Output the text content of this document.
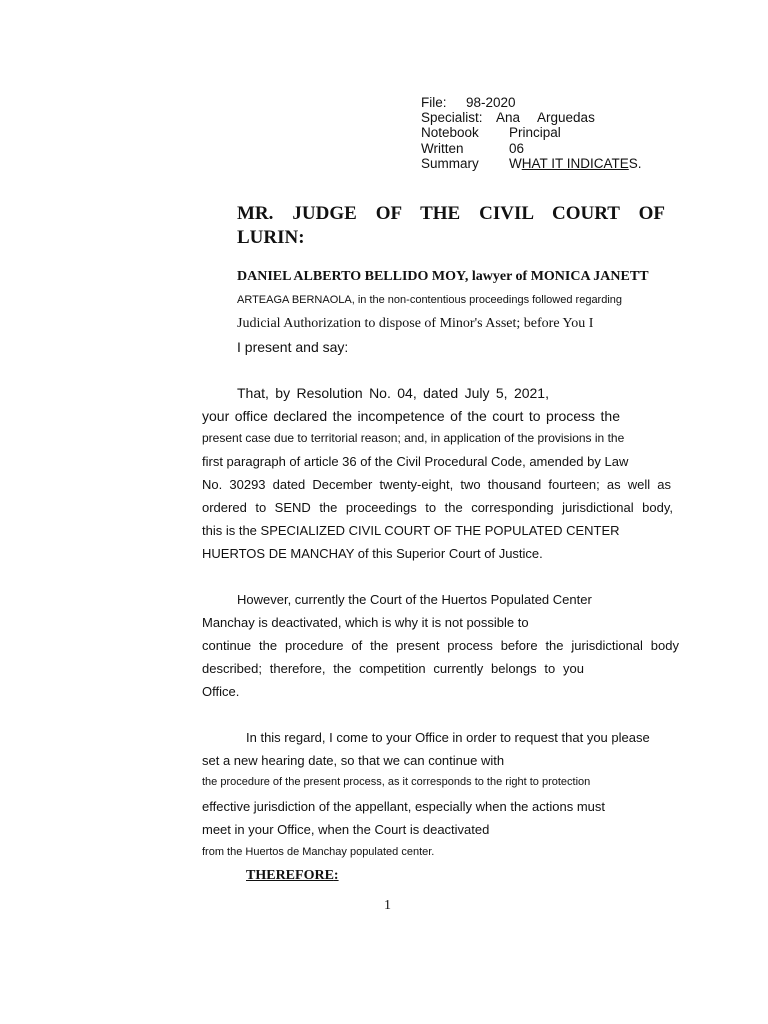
File:	98-2020
Specialist: Ana Arguedas
Notebook	Principal
Written	06
Summary	WHAT IT INDICATES.
MR. JUDGE OF THE CIVIL COURT OF LURIN:
DANIEL ALBERTO BELLIDO MOY, lawyer of MONICA JANETT
ARTEAGA BERNAOLA, in the non-contentious proceedings followed regarding
Judicial Authorization to dispose of Minor's Asset; before You I
I present and say:
That, by Resolution No. 04, dated July 5, 2021,
your office declared the incompetence of the court to process the
present case due to territorial reason; and, in application of the provisions in the
first paragraph of article 36 of the Civil Procedural Code, amended by Law
No. 30293 dated December twenty-eight, two thousand fourteen; as well as
ordered to SEND the proceedings to the corresponding jurisdictional body,
this is the SPECIALIZED CIVIL COURT OF THE POPULATED CENTER
HUERTOS DE MANCHAY of this Superior Court of Justice.
However, currently the Court of the Huertos Populated Center
Manchay is deactivated, which is why it is not possible to
continue the procedure of the present process before the jurisdictional body
described; therefore, the competition currently belongs to you
Office.
In this regard, I come to your Office in order to request that you please
set a new hearing date, so that we can continue with
the procedure of the present process, as it corresponds to the right to protection
effective jurisdiction of the appellant, especially when the actions must
meet in your Office, when the Court is deactivated
from the Huertos de Manchay populated center.
THEREFORE:
1
